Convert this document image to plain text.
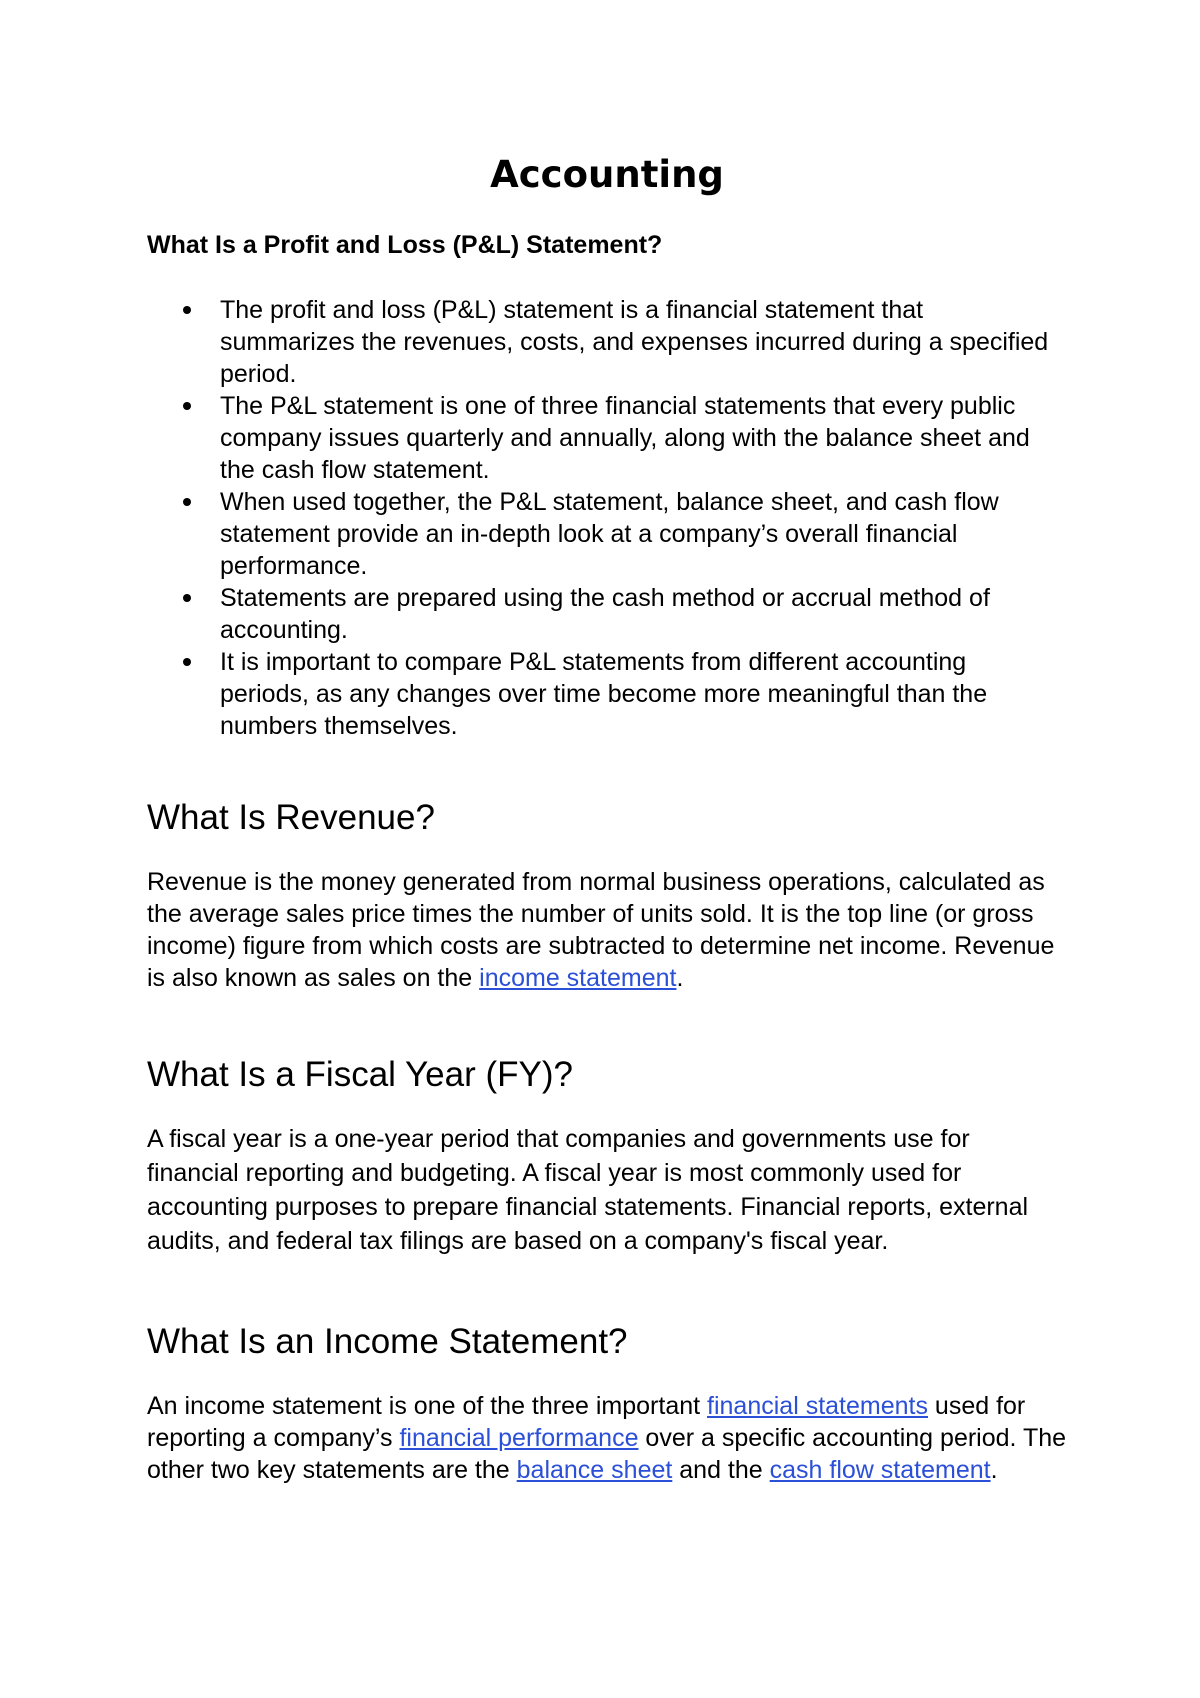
Accounting
What Is a Profit and Loss (P&L) Statement?
The profit and loss (P&L) statement is a financial statement that summarizes the revenues, costs, and expenses incurred during a specified period.
The P&L statement is one of three financial statements that every public company issues quarterly and annually, along with the balance sheet and the cash flow statement.
When used together, the P&L statement, balance sheet, and cash flow statement provide an in-depth look at a company’s overall financial performance.
Statements are prepared using the cash method or accrual method of accounting.
It is important to compare P&L statements from different accounting periods, as any changes over time become more meaningful than the numbers themselves.
What Is Revenue?

Revenue is the money generated from normal business operations, calculated as the average sales price times the number of units sold. It is the top line (or gross income) figure from which costs are subtracted to determine net income. Revenue is also known as sales on the income statement.

What Is a Fiscal Year (FY)?

A fiscal year is a one-year period that companies and governments use for financial reporting and budgeting. A fiscal year is most commonly used for accounting purposes to prepare financial statements. Financial reports, external audits, and federal tax filings are based on a company's fiscal year.

What Is an Income Statement?

An income statement is one of the three important financial statements used for reporting a company’s financial performance over a specific accounting period. The other two key statements are the balance sheet and the cash flow statement.
